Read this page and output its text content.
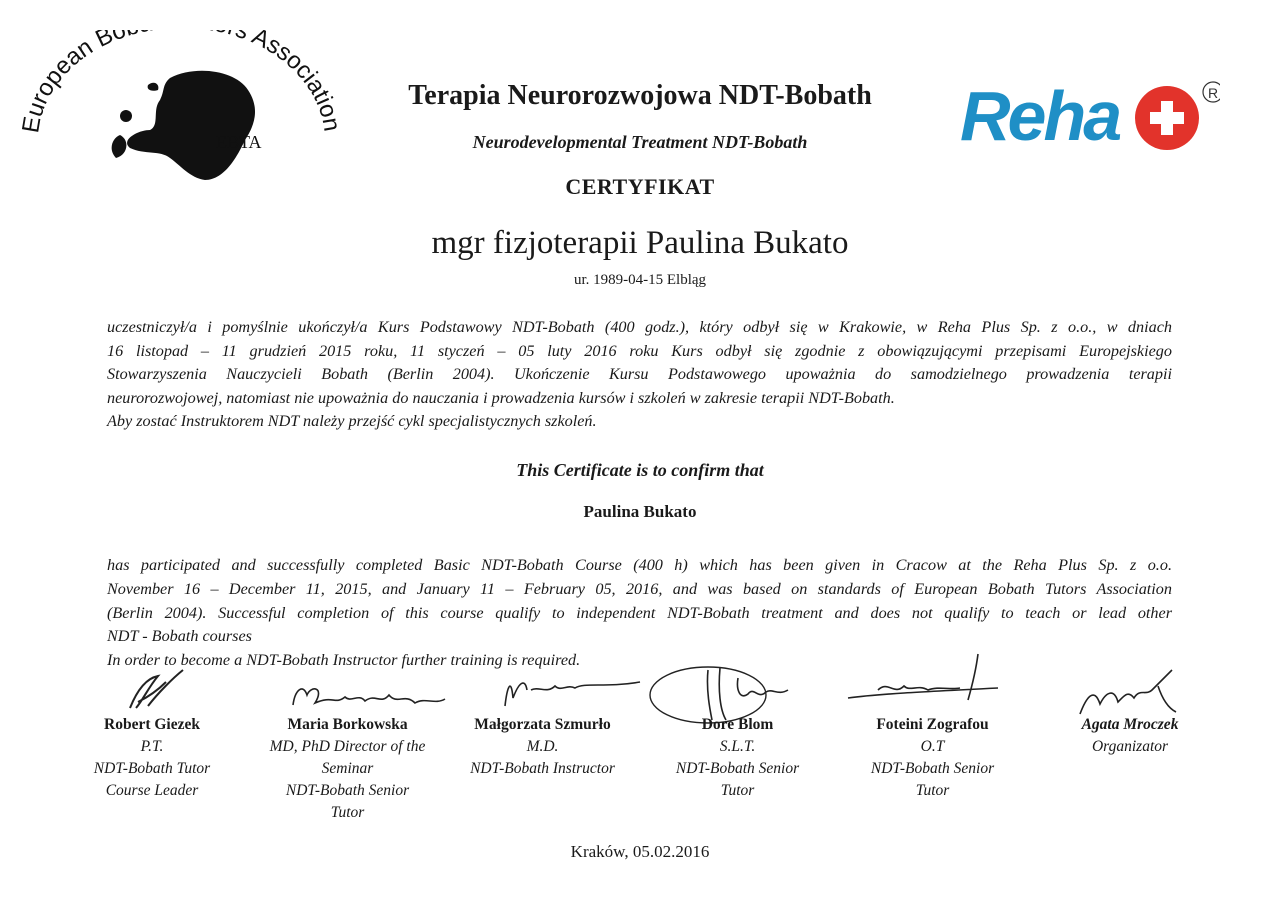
European Bo s Association
EBTA	Reha	R
Terapia Neurorozwojowa NDT-Bobath
Neurodevelopmental Treatment NDT-Bobath
CERTYFIKAT
mgr fizjoterapii Paulina Bukato
ur. 1989-04-15 Elbląg

uczestniczył/a i pomyślnie ukończył/a Kurs Podstawowy NDT-Bobath (400 godz.), który odbył się w Krakowie, w Reha Plus Sp. z o.o., w dniach

16 listopad – 11 grudzień 2015 roku, 11 styczeń – 05 luty 2016 roku Kurs odbył się zgodnie z obowiązującymi przepisami Europejskiego

Stowarzyszenia Nauczycieli Bobath (Berlin 2004). Ukończenie Kursu Podstawowego upoważnia do samodzielnego prowadzenia terapii

neurorozwojowej, natomiast nie upoważnia do nauczania i prowadzenia kursów i szkoleń w zakresie terapii NDT-Bobath.

Aby zostać Instruktorem NDT należy przejść cykl specjalistycznych szkoleń.

This Certificate is to confirm that
Paulina Bukato

has participated and successfully completed Basic NDT-Bobath Course (400 h) which has been given in Cracow at the Reha Plus Sp. z o.o.

November 16 – December 11, 2015, and January 11 – February 05, 2016, and was based on standards of European Bobath Tutors Association

(Berlin 2004). Successful completion of this course qualify to independent NDT-Bobath treatment and does not qualify to teach or lead other

NDT - Bobath courses

In order to become a NDT-Bobath Instructor further training is required.

Robert Giezek
P.T.
NDT-Bobath Tutor
Course Leader
Maria Borkowska
MD, PhD Director of the
Seminar
NDT-Bobath Senior
Tutor
Małgorzata Szmurło
M.D.
NDT-Bobath Instructor
Dore Blom
S.L.T.
NDT-Bobath Senior
Tutor
Foteini Zografou
O.T
NDT-Bobath Senior
Tutor
Agata Mroczek
Organizator
Kraków, 05.02.2016
